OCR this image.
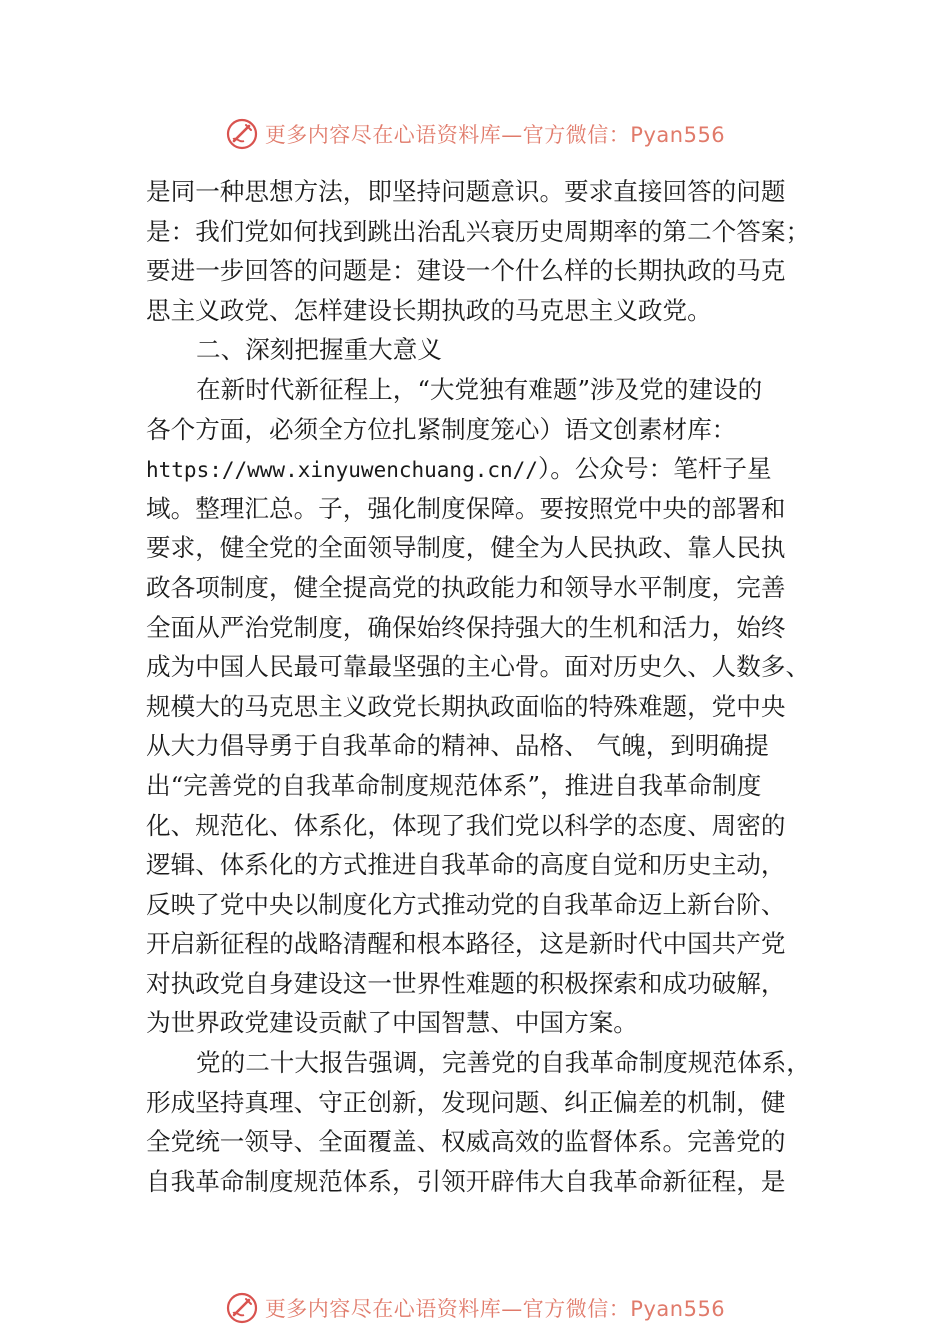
更多内容尽在心语资料库—官方微信：Pyan556
是同一种思想方法，即坚持问题意识。要求直接回答的问题
是：我们党如何找到跳出治乱兴衰历史周期率的第二个答案；
要进一步回答的问题是：建设一个什么样的长期执政的马克
思主义政党、怎样建设长期执政的马克思主义政党。
二、深刻把握重大意义
在新时代新征程上，“大党独有难题”涉及党的建设的
各个方面，必须全方位扎紧制度笼心）语文创素材库：
https://www.xinyuwenchuang.cn//）。公众号：笔杆子星
域。整理汇总。子，强化制度保障。要按照党中央的部署和
要求，健全党的全面领导制度，健全为人民执政、靠人民执
政各项制度，健全提高党的执政能力和领导水平制度，完善
全面从严治党制度，确保始终保持强大的生机和活力，始终
成为中国人民最可靠最坚强的主心骨。面对历史久、人数多、
规模大的马克思主义政党长期执政面临的特殊难题，党中央
从大力倡导勇于自我革命的精神、品格、 气魄，到明确提
出“完善党的自我革命制度规范体系”，推进自我革命制度
化、规范化、体系化，体现了我们党以科学的态度、周密的
逻辑、体系化的方式推进自我革命的高度自觉和历史主动，
反映了党中央以制度化方式推动党的自我革命迈上新台阶、
开启新征程的战略清醒和根本路径，这是新时代中国共产党
对执政党自身建设这一世界性难题的积极探索和成功破解，
为世界政党建设贡献了中国智慧、中国方案。
党的二十大报告强调，完善党的自我革命制度规范体系，
形成坚持真理、守正创新，发现问题、纠正偏差的机制，健
全党统一领导、全面覆盖、权威高效的监督体系。完善党的
自我革命制度规范体系，引领开辟伟大自我革命新征程，是
更多内容尽在心语资料库—官方微信：Pyan556
